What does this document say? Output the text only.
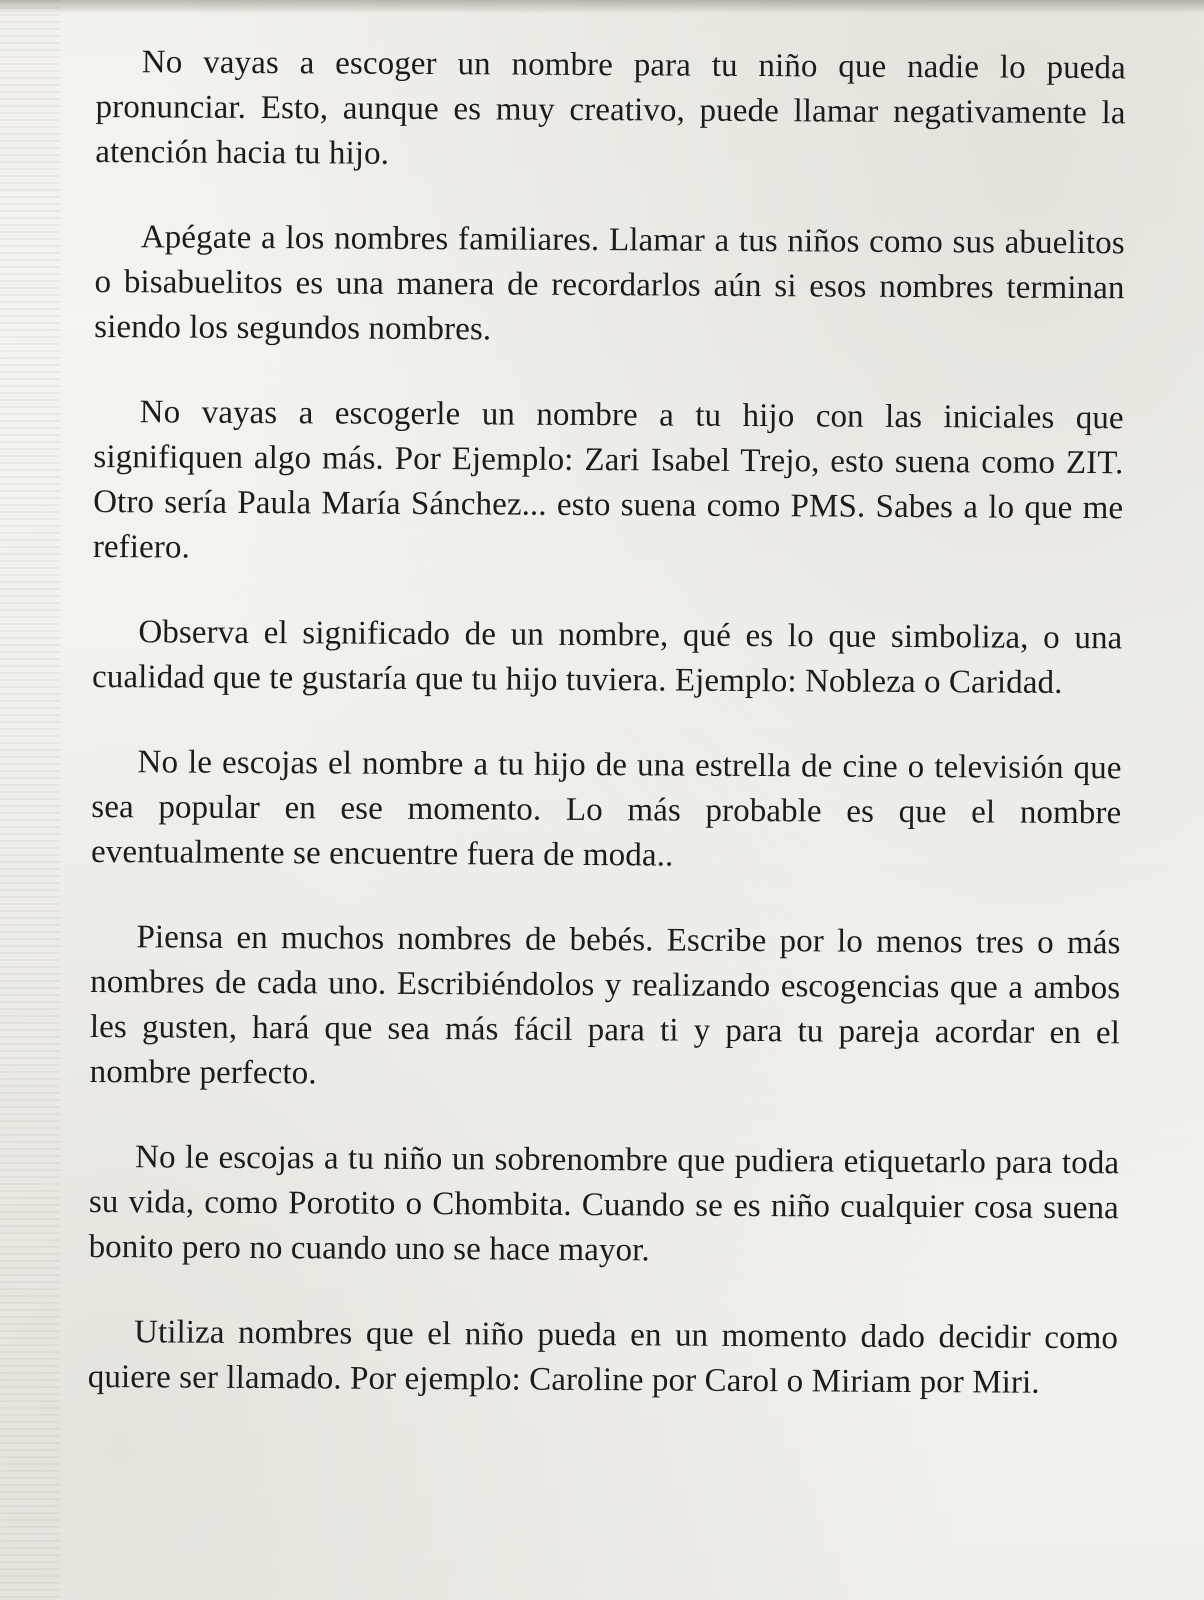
No vayas a escoger un nombre para tu niño que nadie lo pueda pronunciar. Esto, aunque es muy creativo, puede llamar negativamente la atención hacia tu hijo.

Apégate a los nombres familiares. Llamar a tus niños como sus abuelitos o bisabuelitos es una manera de recordarlos aún si esos nombres terminan siendo los segundos nombres.

No vayas a escogerle un nombre a tu hijo con las iniciales que signifiquen algo más. Por Ejemplo: Zari Isabel Trejo, esto suena como ZIT. Otro sería Paula María Sánchez... esto suena como PMS. Sabes a lo que me refiero.

Observa el significado de un nombre, qué es lo que simboliza, o una cualidad que te gustaría que tu hijo tuviera. Ejemplo: Nobleza o Caridad.

No le escojas el nombre a tu hijo de una estrella de cine o televisión que sea popular en ese momento. Lo más probable es que el nombre eventualmente se encuentre fuera de moda..

Piensa en muchos nombres de bebés. Escribe por lo menos tres o más nombres de cada uno. Escribiéndolos y realizando escogencias que a ambos les gusten, hará que sea más fácil para ti y para tu pareja acordar en el nombre perfecto.

No le escojas a tu niño un sobrenombre que pudiera etiquetarlo para toda su vida, como Porotito o Chombita. Cuando se es niño cualquier cosa suena bonito pero no cuando uno se hace mayor.

Utiliza nombres que el niño pueda en un momento dado decidir como quiere ser llamado. Por ejemplo: Caroline por Carol o Miriam por Miri.
